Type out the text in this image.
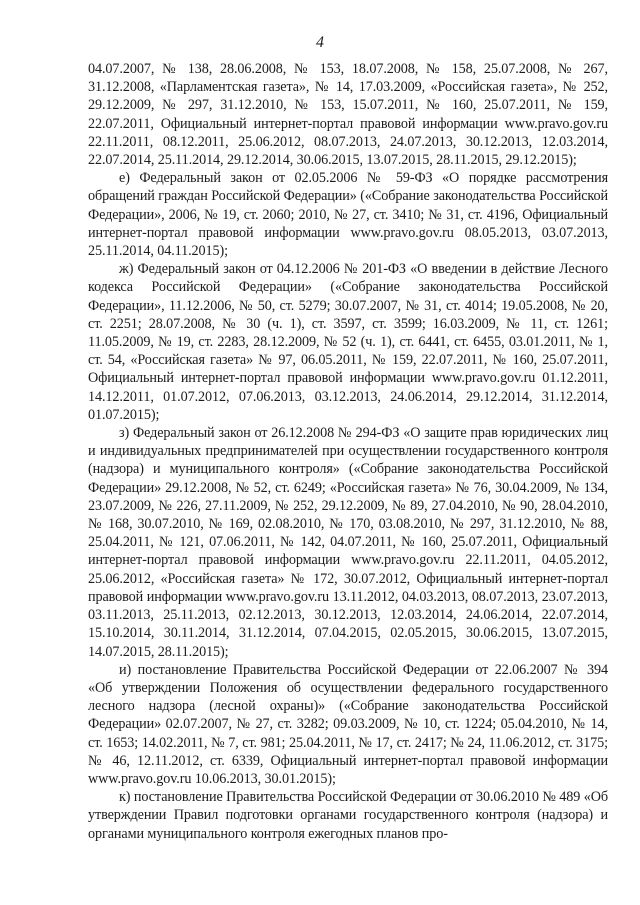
4

04.07.2007, № 138, 28.06.2008, № 153, 18.07.2008, № 158, 25.07.2008, № 267, 31.12.2008, «Парламентская газета», № 14, 17.03.2009, «Российская газета», № 252, 29.12.2009, № 297, 31.12.2010, № 153, 15.07.2011, № 160, 25.07.2011, № 159, 22.07.2011, Официальный интернет-портал правовой информации www.pravo.gov.ru 22.11.2011, 08.12.2011, 25.06.2012, 08.07.2013, 24.07.2013, 30.12.2013, 12.03.2014, 22.07.2014, 25.11.2014, 29.12.2014, 30.06.2015, 13.07.2015, 28.11.2015, 29.12.2015);

е) Федеральный закон от 02.05.2006 № 59-ФЗ «О порядке рассмотрения обращений граждан Российской Федерации» («Собрание законодательства Российской Федерации», 2006, № 19, ст. 2060; 2010, № 27, ст. 3410; № 31, ст. 4196, Официальный интернет-портал правовой информации www.pravo.gov.ru 08.05.2013, 03.07.2013, 25.11.2014, 04.11.2015);

ж) Федеральный закон от 04.12.2006 № 201-ФЗ «О введении в действие Лесного кодекса Российской Федерации» («Собрание законодательства Российской Федерации», 11.12.2006, № 50, ст. 5279; 30.07.2007, № 31, ст. 4014; 19.05.2008, № 20, ст. 2251; 28.07.2008, № 30 (ч. 1), ст. 3597, ст. 3599; 16.03.2009, № 11, ст. 1261; 11.05.2009, № 19, ст. 2283, 28.12.2009, № 52 (ч. 1), ст. 6441, ст. 6455, 03.01.2011, № 1, ст. 54, «Российская газета» № 97, 06.05.2011, № 159, 22.07.2011, № 160, 25.07.2011, Официальный интернет-портал правовой информации www.pravo.gov.ru 01.12.2011, 14.12.2011, 01.07.2012, 07.06.2013, 03.12.2013, 24.06.2014, 29.12.2014, 31.12.2014, 01.07.2015);

з) Федеральный закон от 26.12.2008 № 294-ФЗ «О защите прав юридических лиц и индивидуальных предпринимателей при осуществлении государственного контроля (надзора) и муниципального контроля» («Собрание законодательства Российской Федерации» 29.12.2008, № 52, ст. 6249; «Российская газета» № 76, 30.04.2009, № 134, 23.07.2009, № 226, 27.11.2009, № 252, 29.12.2009, № 89, 27.04.2010, № 90, 28.04.2010, № 168, 30.07.2010, № 169, 02.08.2010, № 170, 03.08.2010, № 297, 31.12.2010, № 88, 25.04.2011, № 121, 07.06.2011, № 142, 04.07.2011, № 160, 25.07.2011, Официальный интернет-портал правовой информации www.pravo.gov.ru 22.11.2011, 04.05.2012, 25.06.2012, «Российская газета» № 172, 30.07.2012, Официальный интернет-портал правовой информации www.pravo.gov.ru 13.11.2012, 04.03.2013, 08.07.2013, 23.07.2013, 03.11.2013, 25.11.2013, 02.12.2013, 30.12.2013, 12.03.2014, 24.06.2014, 22.07.2014, 15.10.2014, 30.11.2014, 31.12.2014, 07.04.2015, 02.05.2015, 30.06.2015, 13.07.2015, 14.07.2015, 28.11.2015);

и) постановление Правительства Российской Федерации от 22.06.2007 № 394 «Об утверждении Положения об осуществлении федерального государственного лесного надзора (лесной охраны)» («Собрание законодательства Российской Федерации» 02.07.2007, № 27, ст. 3282; 09.03.2009, № 10, ст. 1224; 05.04.2010, № 14, ст. 1653; 14.02.2011, № 7, ст. 981; 25.04.2011, № 17, ст. 2417; № 24, 11.06.2012, ст. 3175; № 46, 12.11.2012, ст. 6339, Официальный интернет-портал правовой информации www.pravo.gov.ru 10.06.2013, 30.01.2015);

к) постановление Правительства Российской Федерации от 30.06.2010 № 489 «Об утверждении Правил подготовки органами государственного контроля (надзора) и органами муниципального контроля ежегодных планов про-
